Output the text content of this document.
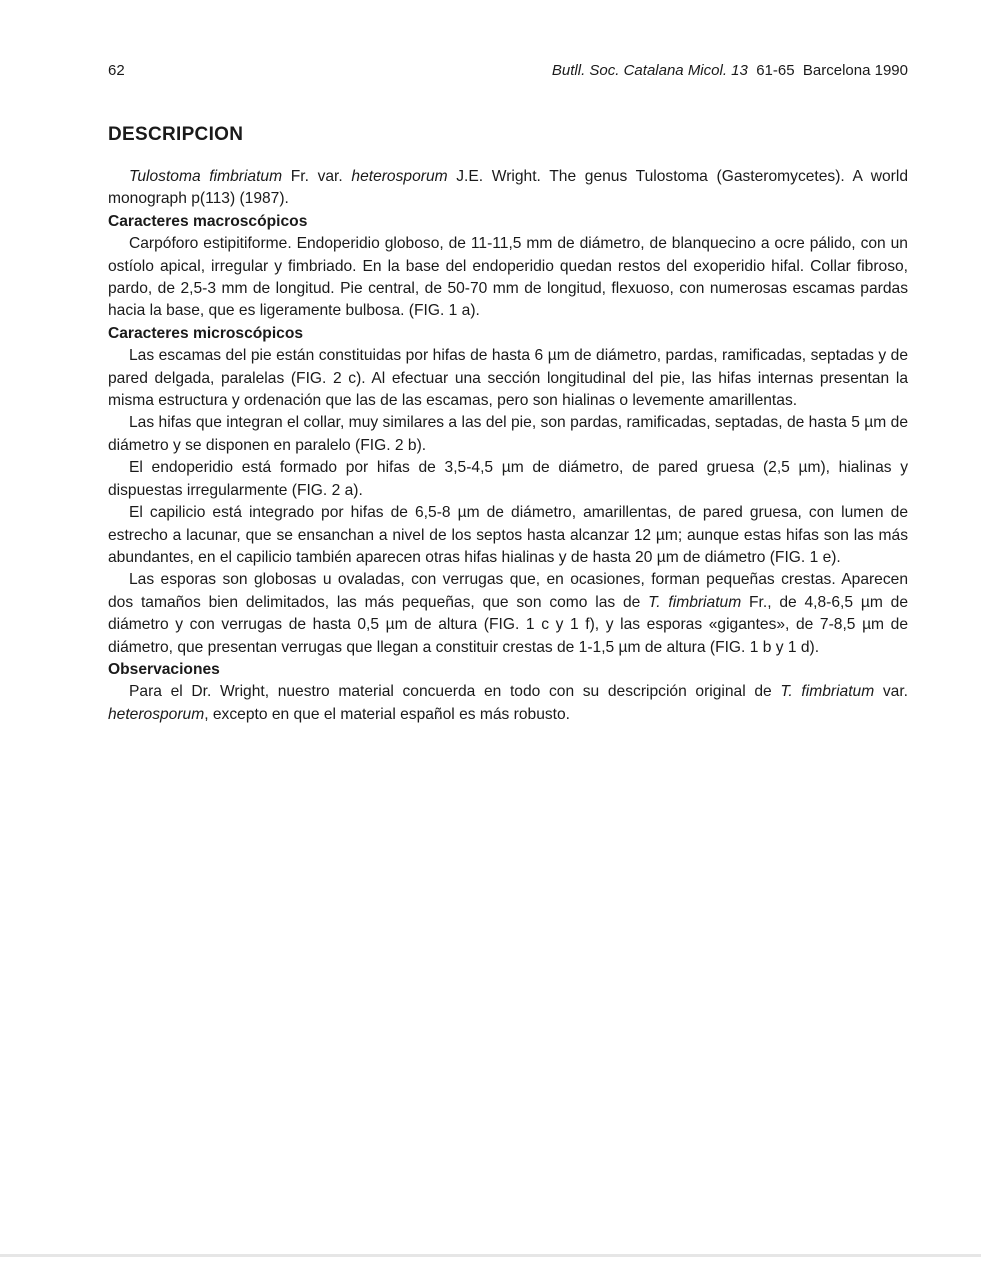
62	Butll. Soc. Catalana Micol. 13 61-65 Barcelona 1990
DESCRIPCION

Tulostoma fimbriatum Fr. var. heterosporum J.E. Wright. The genus Tulostoma (Gasteromycetes). A world monograph p(113) (1987).

Caracteres macroscópicos

Carpóforo estipitiforme. Endoperidio globoso, de 11-11,5 mm de diámetro, de blanquecino a ocre pálido, con un ostíolo apical, irregular y fimbriado. En la base del endoperidio quedan restos del exoperidio hifal. Collar fibroso, pardo, de 2,5-3 mm de longitud. Pie central, de 50-70 mm de longitud, flexuoso, con numerosas escamas pardas hacia la base, que es ligeramente bulbosa. (FIG. 1 a).

Caracteres microscópicos

Las escamas del pie están constituidas por hifas de hasta 6 µm de diámetro, pardas, ramificadas, septadas y de pared delgada, paralelas (FIG. 2 c). Al efectuar una sección longitudinal del pie, las hifas internas presentan la misma estructura y ordenación que las de las escamas, pero son hialinas o levemente amarillentas.

Las hifas que integran el collar, muy similares a las del pie, son pardas, ramificadas, septadas, de hasta 5 µm de diámetro y se disponen en paralelo (FIG. 2 b).

El endoperidio está formado por hifas de 3,5-4,5 µm de diámetro, de pared gruesa (2,5 µm), hialinas y dispuestas irregularmente (FIG. 2 a).

El capilicio está integrado por hifas de 6,5-8 µm de diámetro, amarillentas, de pared gruesa, con lumen de estrecho a lacunar, que se ensanchan a nivel de los septos hasta alcanzar 12 µm; aunque estas hifas son las más abundantes, en el capilicio también aparecen otras hifas hialinas y de hasta 20 µm de diámetro (FIG. 1 e).

Las esporas son globosas u ovaladas, con verrugas que, en ocasiones, forman pequeñas crestas. Aparecen dos tamaños bien delimitados, las más pequeñas, que son como las de T. fimbriatum Fr., de 4,8-6,5 µm de diámetro y con verrugas de hasta 0,5 µm de altura (FIG. 1 c y 1 f), y las esporas «gigantes», de 7-8,5 µm de diámetro, que presentan verrugas que llegan a constituir crestas de 1-1,5 µm de altura (FIG. 1 b y 1 d).

Observaciones

Para el Dr. Wright, nuestro material concuerda en todo con su descripción original de T. fimbriatum var. heterosporum, excepto en que el material español es más robusto.
